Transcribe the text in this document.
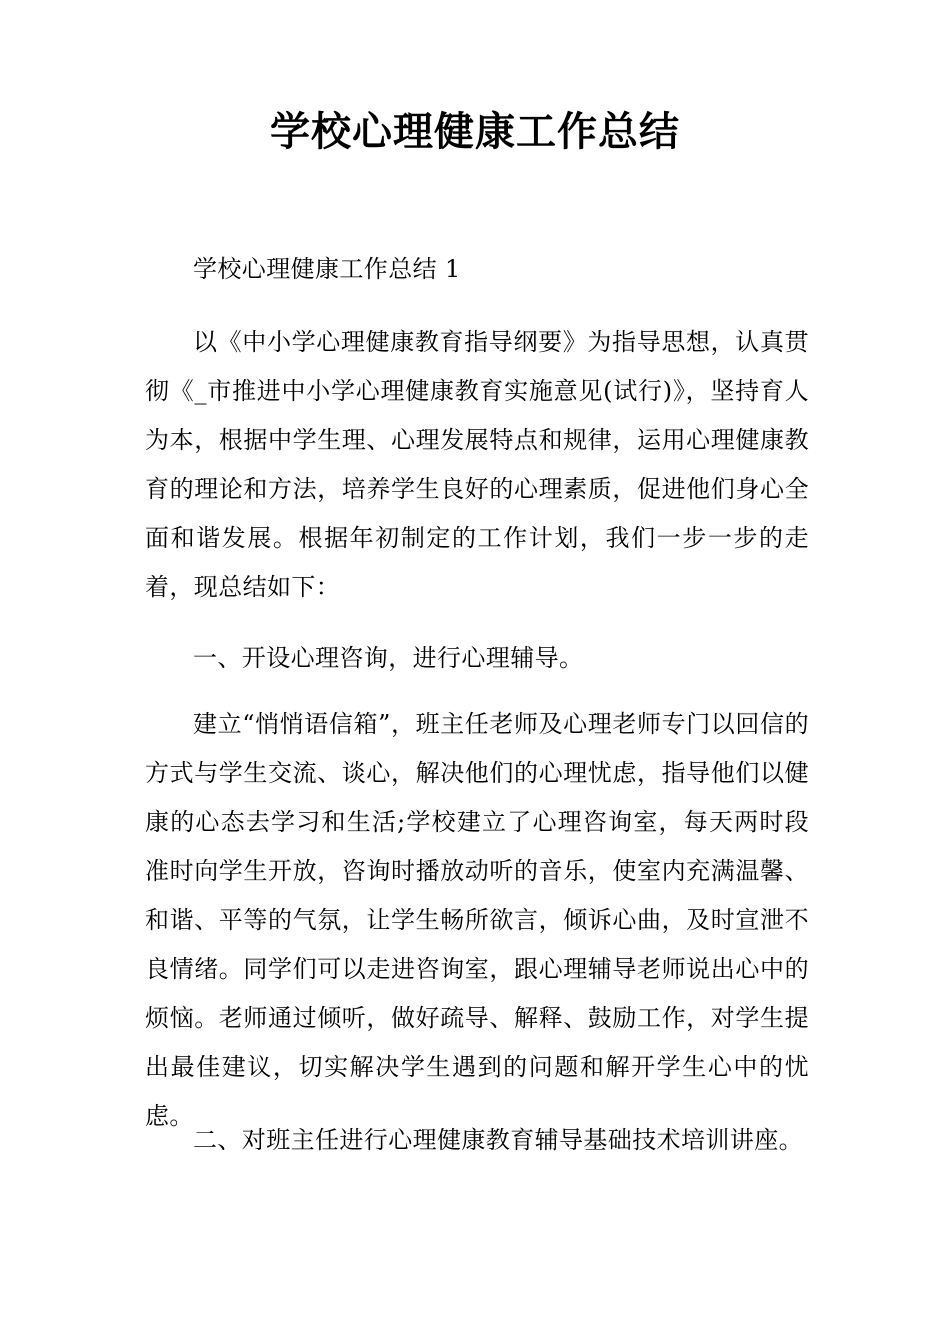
学校心理健康工作总结

学校心理健康工作总结 1

以《中小学心理健康教育指导纲要》为指导思想，认真贯彻《_市推进中小学心理健康教育实施意见(试行)》，坚持育人为本，根据中学生理、心理发展特点和规律，运用心理健康教育的理论和方法，培养学生良好的心理素质，促进他们身心全面和谐发展。根据年初制定的工作计划，我们一步一步的走着，现总结如下：

一、开设心理咨询，进行心理辅导。

建立“悄悄语信箱”，班主任老师及心理老师专门以回信的方式与学生交流、谈心，解决他们的心理忧虑，指导他们以健康的心态去学习和生活;学校建立了心理咨询室，每天两时段准时向学生开放，咨询时播放动听的音乐，使室内充满温馨、和谐、平等的气氛，让学生畅所欲言，倾诉心曲，及时宣泄不良情绪。同学们可以走进咨询室，跟心理辅导老师说出心中的烦恼。老师通过倾听，做好疏导、解释、鼓励工作，对学生提出最佳建议，切实解决学生遇到的问题和解开学生心中的忧虑。

二、对班主任进行心理健康教育辅导基础技术培训讲座。
